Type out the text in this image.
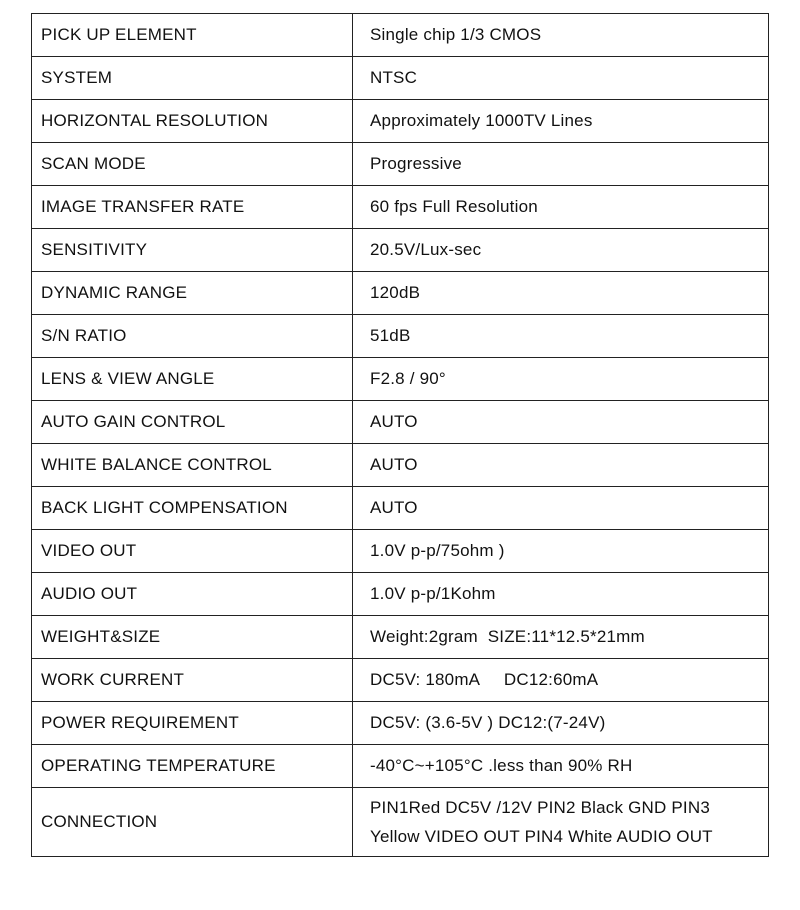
PICK UP ELEMENT	Single chip 1/3 CMOS
SYSTEM	NTSC
HORIZONTAL RESOLUTION	Approximately 1000TV Lines
SCAN MODE	Progressive
IMAGE TRANSFER RATE	60 fps Full Resolution
SENSITIVITY	20.5V/Lux-sec
DYNAMIC RANGE	120dB
S/N RATIO	51dB
LENS & VIEW ANGLE	F2.8 / 90°
AUTO GAIN CONTROL	AUTO
WHITE BALANCE CONTROL	AUTO
BACK LIGHT COMPENSATION	AUTO
VIDEO OUT	1.0V p-p/75ohm )
AUDIO OUT	1.0V p-p/1Kohm
WEIGHT&SIZE	Weight:2gram  SIZE:11*12.5*21mm
WORK CURRENT	DC5V: 180mA     DC12:60mA
POWER REQUIREMENT	DC5V: (3.6-5V ) DC12:(7-24V)
OPERATING TEMPERATURE	-40°C~+105°C .less than 90% RH
CONNECTION	PIN1Red DC5V /12V PIN2 Black GND PIN3 Yellow VIDEO OUT PIN4 White AUDIO OUT
